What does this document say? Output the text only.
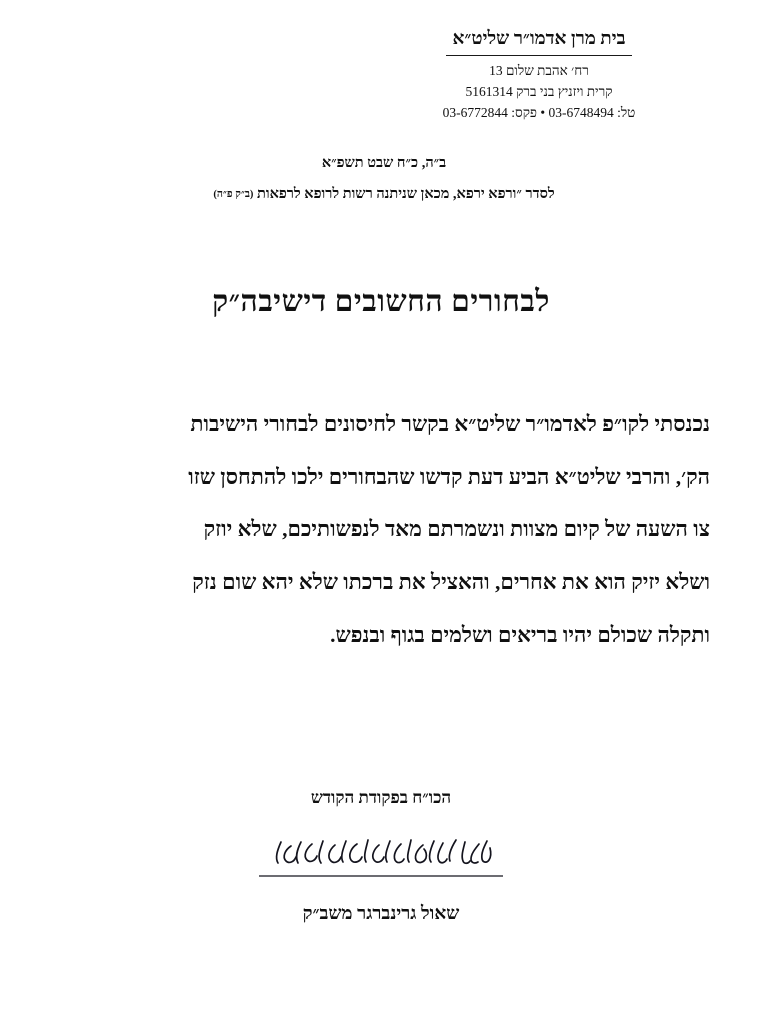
בית מרן אדמו״ר שליט״א
רח׳ אהבת שלום 13
קרית ויזניץ בני ברק 5161314
טל: 03-6748494 • פקס: 03-6772844
ב״ה, כ״ח שבט תשפ״א
לסדר ״ורפא ירפא, מכאן שניתנה רשות לרופא לרפאות (ב״ק פ״ה)
לבחורים החשובים דישיבה״ק
נכנסתי לקו״פ לאדמו״ר שליט״א בקשר לחיסונים לבחורי הישיבות
הק׳, והרבי שליט״א הביע דעת קדשו שהבחורים ילכו להתחסן שזו
צו השעה של קיום מצוות ונשמרתם מאד לנפשותיכם, שלא יוזק
ושלא יזיק הוא את אחרים, והאציל את ברכתו שלא יהא שום נזק
ותקלה שכולם יהיו בריאים ושלמים בגוף ובנפש.
הכו״ח בפקודת הקודש
שאול גרינברגר משב״ק
